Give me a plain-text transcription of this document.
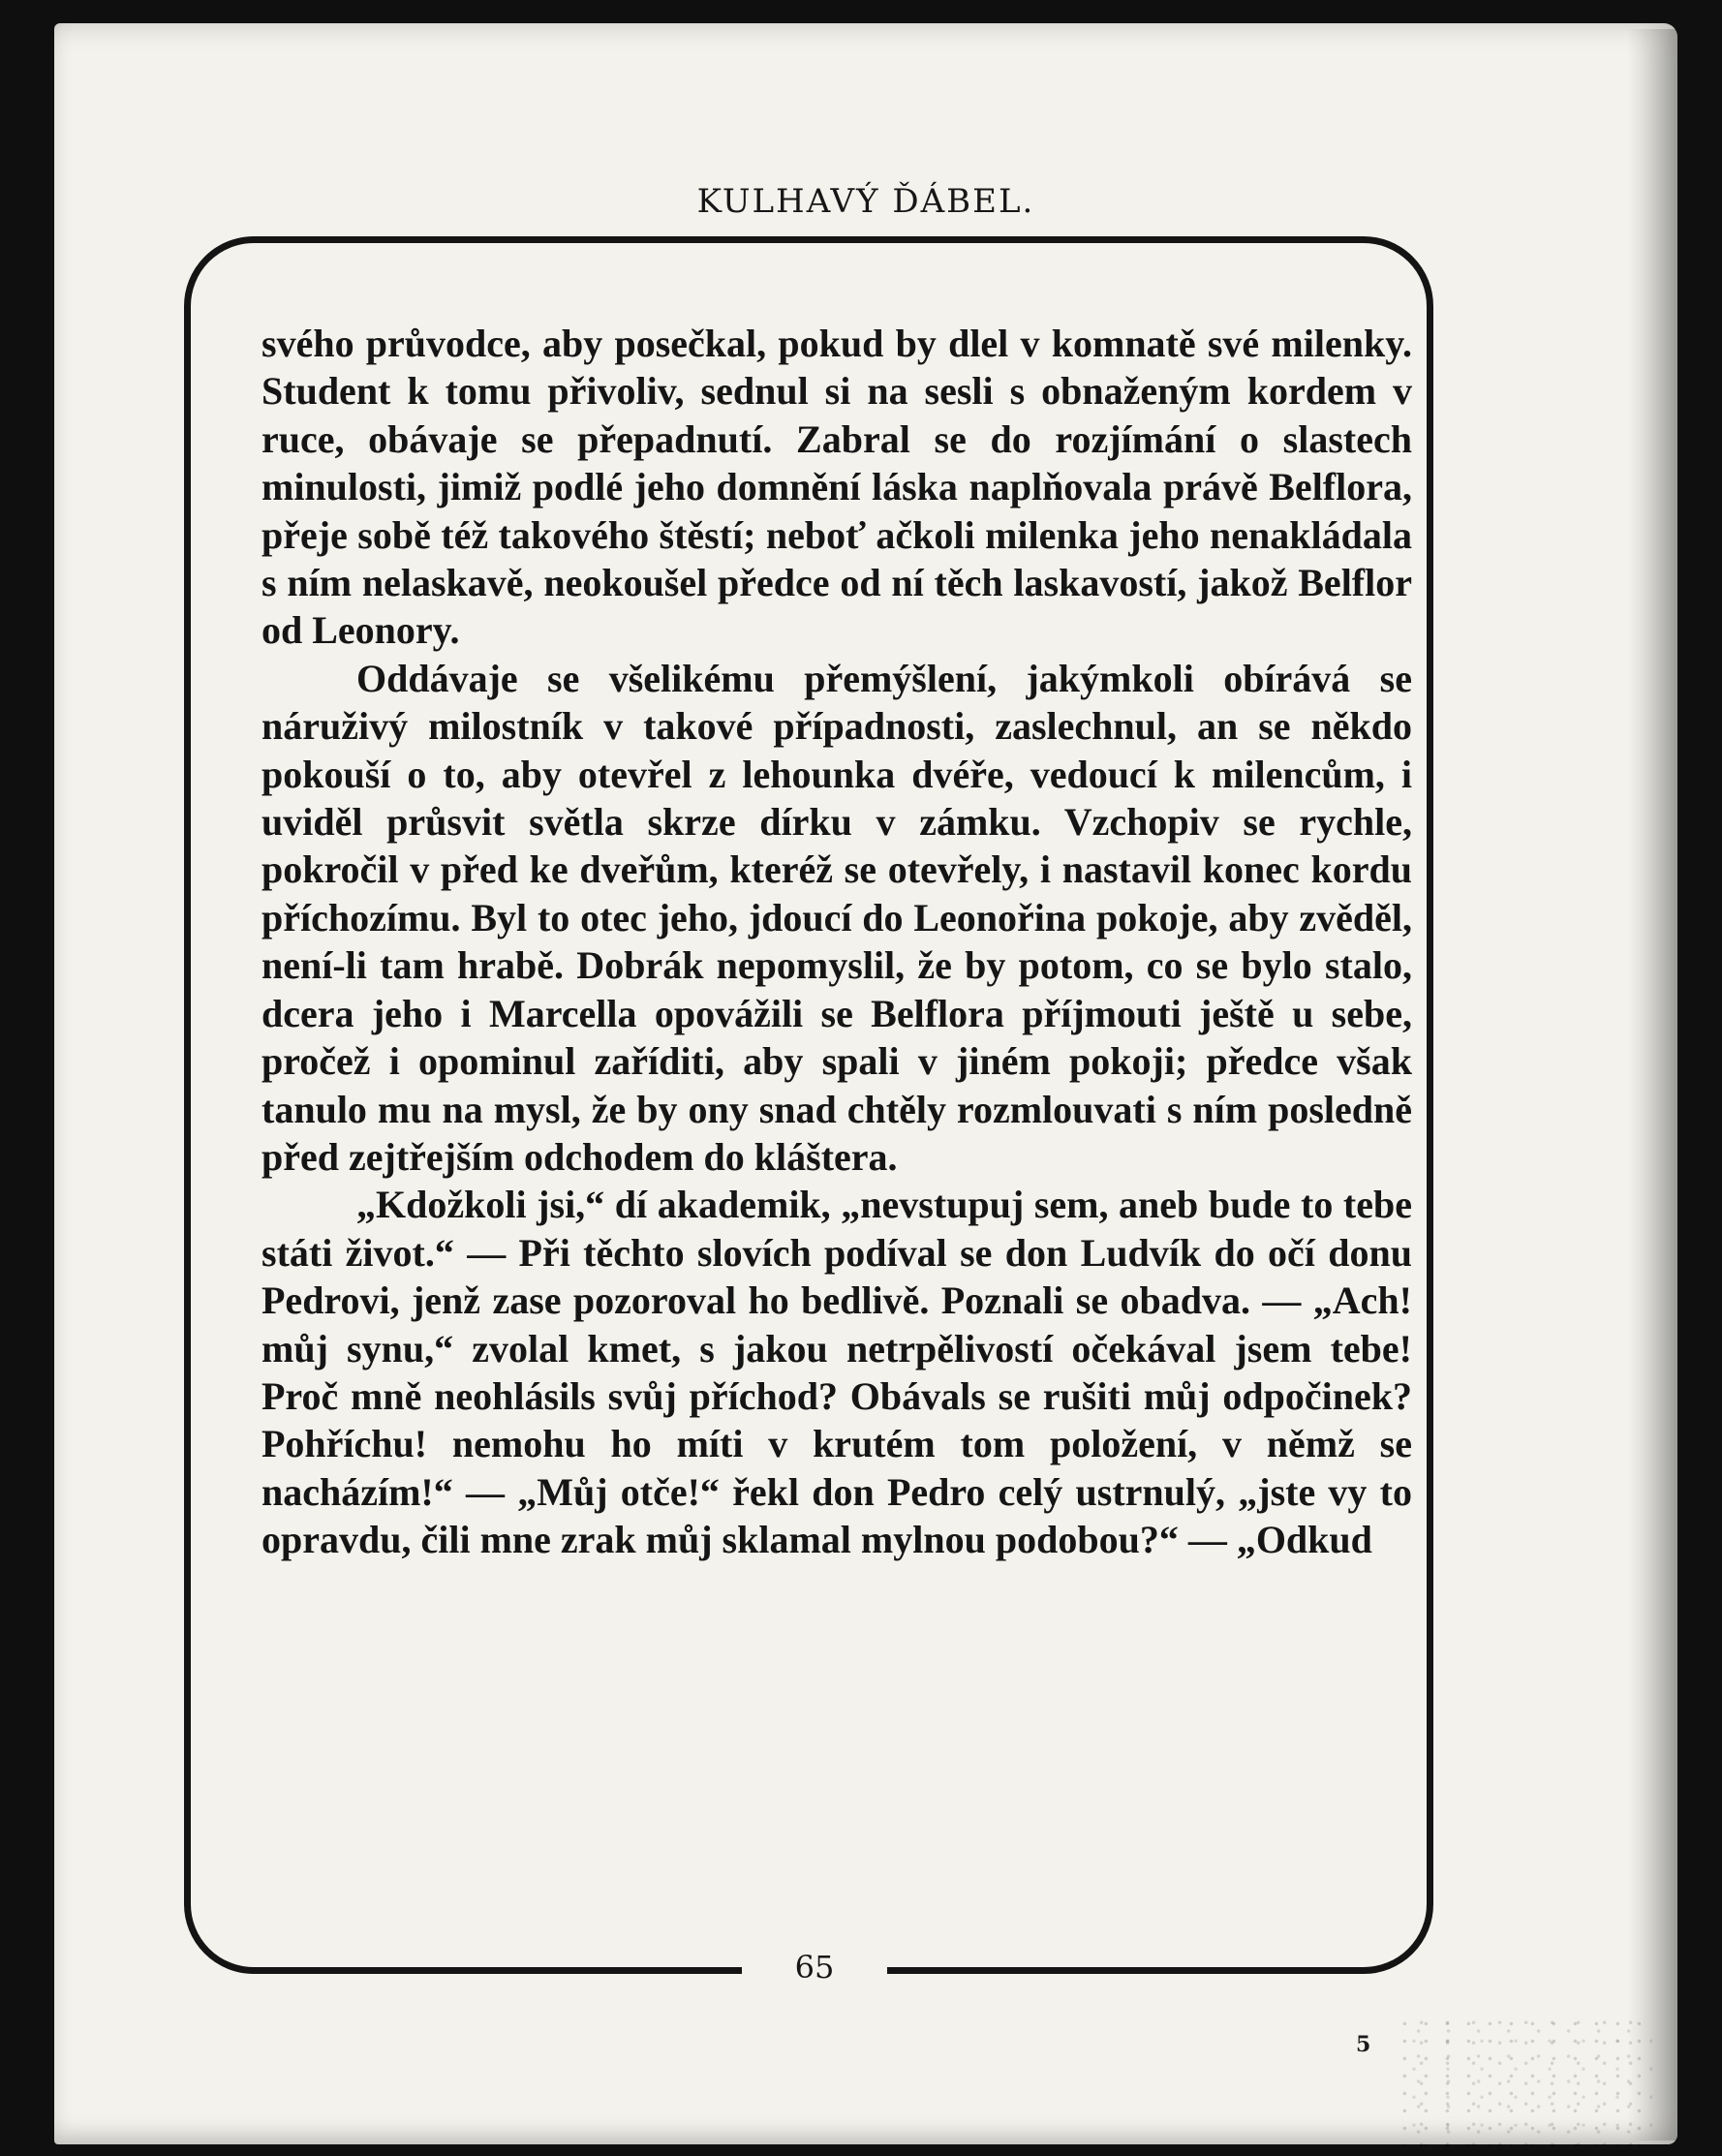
KULHAVÝ ĎÁBEL.
65

svého průvodce, aby posečkal, pokud by dlel v komnatě své milenky. Student k tomu přivoliv, sednul si na sesli s obnaženým kordem v ruce, obávaje se přepadnutí. Zabral se do rozjímání o slastech minulosti, jimiž podlé jeho domnění láska naplňovala právě Belflora, přeje sobě též takového štěstí; neboť ačkoli milenka jeho nenakládala s ním nelaskavě, neokoušel předce od ní těch laskavostí, jakož Belflor od Leonory.

Oddávaje se všelikému přemýšlení, jakýmkoli obírává se náruživý milostník v takové případnosti, zaslechnul, an se někdo pokouší o to, aby otevřel z lehounka dvéře, vedoucí k milencům, i uviděl průsvit světla skrze dírku v zámku. Vzchopiv se rychle, pokročil v před ke dveřům, kteréž se otevřely, i nastavil konec kordu příchozímu. Byl to otec jeho, jdoucí do Leonořina pokoje, aby zvěděl, není-li tam hrabě. Dobrák nepomyslil, že by potom, co se bylo stalo, dcera jeho i Marcella opovážili se Belflora příjmouti ještě u sebe, pročež i opominul zaříditi, aby spali v jiném pokoji; předce však tanulo mu na mysl, že by ony snad chtěly rozmlouvati s ním posledně před zejtřejším odchodem do kláštera.

„Kdožkoli jsi,“ dí akademik, „nevstupuj sem, aneb bude to tebe státi život.“ — Při těchto slovích podíval se don Ludvík do očí donu Pedrovi, jenž zase pozoroval ho bedlivě. Poznali se obadva. — „Ach! můj synu,“ zvolal kmet, s jakou netrpělivostí očekával jsem tebe! Proč mně neohlásils svůj příchod? Obávals se rušiti můj odpočinek? Pohříchu! nemohu ho míti v krutém tom položení, v němž se nacházím!“ — „Můj otče!“ řekl don Pedro celý ustrnulý, „jste vy to opravdu, čili mne zrak můj sklamal mylnou podobou?“ — „Odkud

5
